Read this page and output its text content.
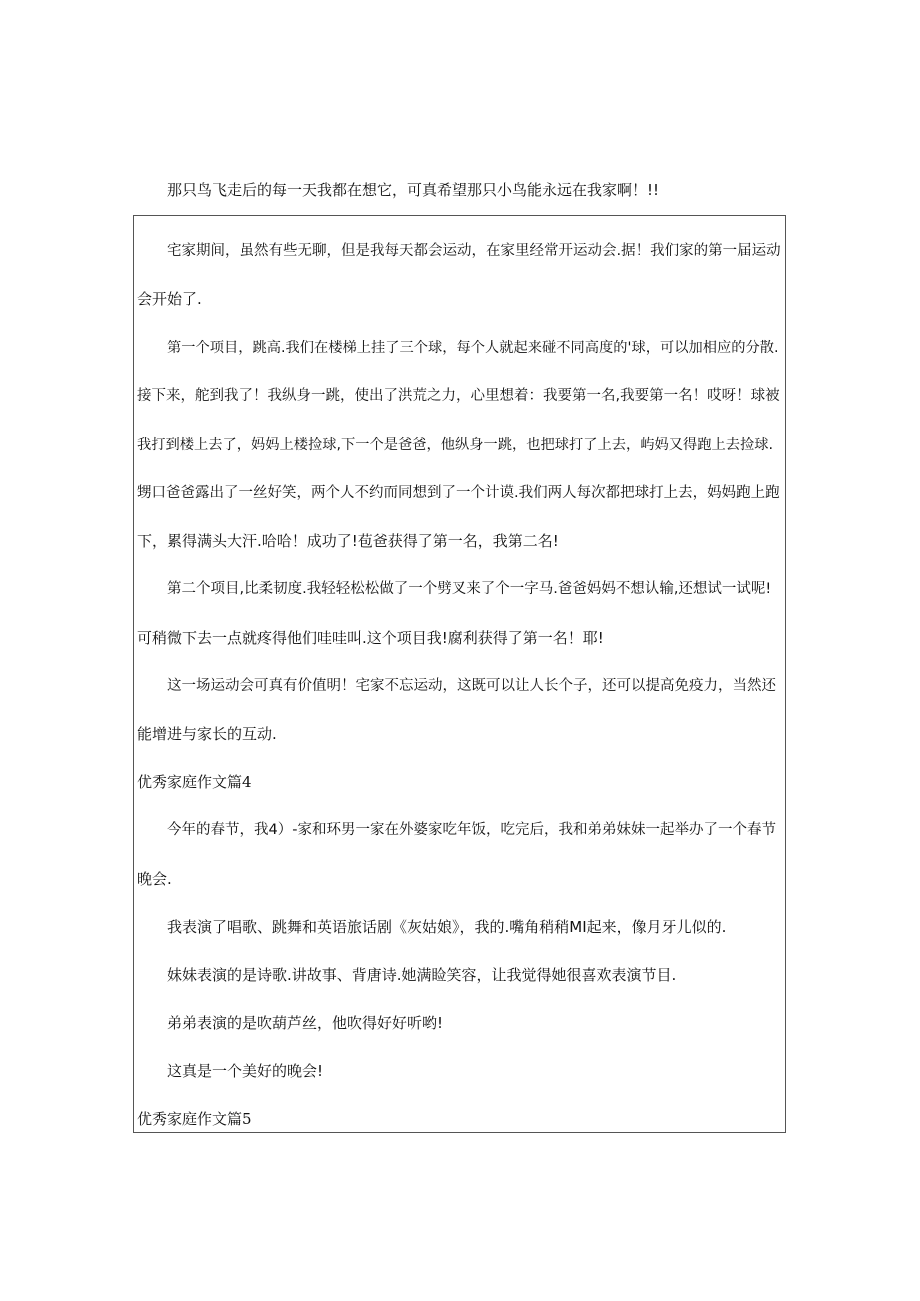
那只鸟飞走后的每一天我都在想它，可真希望那只小鸟能永远在我家啊！!!
宅家期间，虽然有些无聊，但是我每天都会运动，在家里经常开运动会.据！我们家的第一届运动
会开始了.
第一个项目，跳高.我们在楼梯上挂了三个球，每个人就起来碰不同高度的'球，可以加相应的分散.
接下来，舵到我了！我纵身一跳，使出了洪荒之力，心里想着：我要第一名,我要第一名！哎呀！球被
我打到楼上去了，妈妈上楼捡球,下一个是爸爸，他纵身一跳，也把球打了上去，屿妈又得跑上去捡球.
甥口爸爸露出了一丝好笑，两个人不约而同想到了一个计谟.我们两人每次都把球打上去，妈妈跑上跑
下，累得满头大汗.哈哈！成功了!苞爸获得了第一名，我第二名!
第二个项目,比柔韧度.我轻轻松松做了一个劈叉来了个一字马.爸爸妈妈不想认输,还想试一试呢!
可稍微下去一点就疼得他们哇哇叫.这个项目我!腐利获得了第一名！耶!
这一场运动会可真有价值明！宅家不忘运动，这既可以让人长个子，还可以提高免疫力，当然还
能增进与家长的互动.
优秀家庭作文篇4
今年的春节，我4）-家和环男一家在外婆家吃年饭，吃完后，我和弟弟妹妹一起举办了一个春节
晚会.
我表演了唱歌、跳舞和英语旅话剧《灰姑娘》，我的.嘴角稍稍MI起来，像月牙儿似的.
妹妹表演的是诗歌.讲故事、背唐诗.她满睑笑容，让我觉得她很喜欢表演节目.
弟弟表演的是吹葫芦丝，他吹得好好听哟!
这真是一个美好的晚会!
优秀家庭作文篇5
